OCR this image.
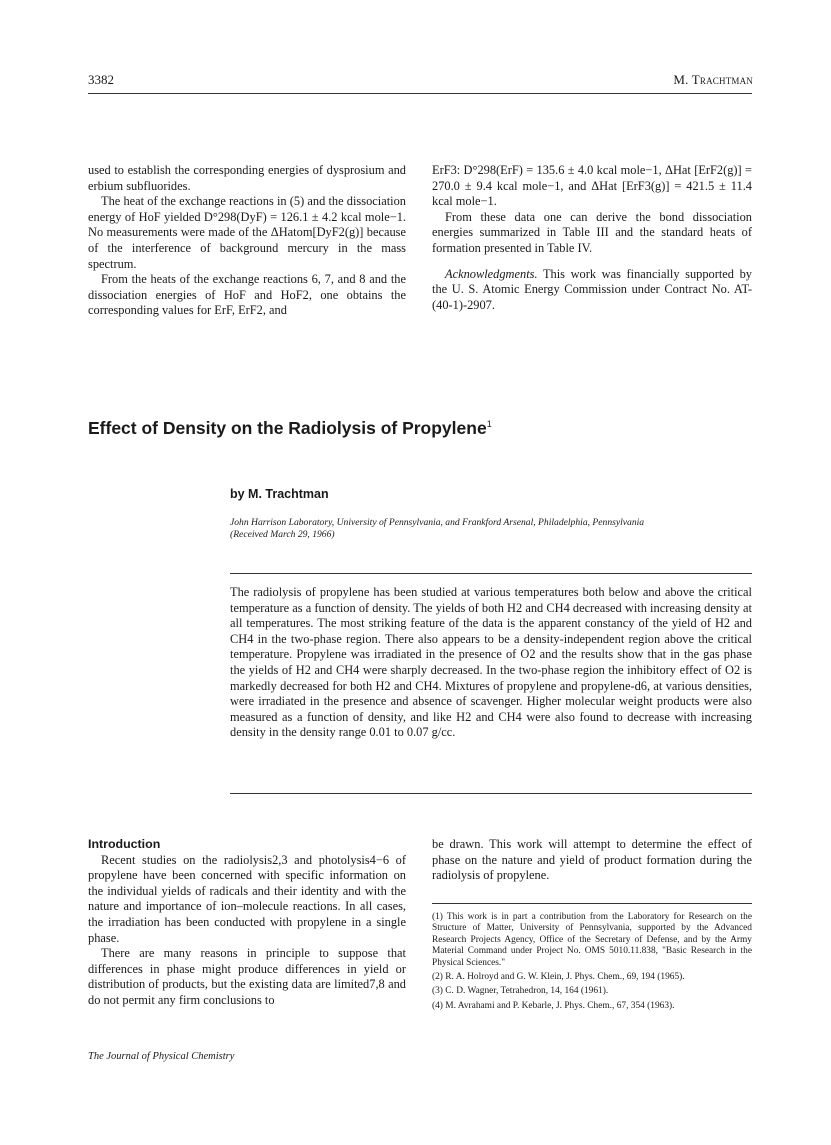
3382	M. Trachtman

used to establish the corresponding energies of dysprosium and erbium subfluorides.

The heat of the exchange reactions in (5) and the dissociation energy of HoF yielded D°298(DyF) = 126.1 ± 4.2 kcal mole−1. No measurements were made of the ΔHatom[DyF2(g)] because of the interference of background mercury in the mass spectrum.

From the heats of the exchange reactions 6, 7, and 8 and the dissociation energies of HoF and HoF2, one obtains the corresponding values for ErF, ErF2, and

ErF3: D°298(ErF) = 135.6 ± 4.0 kcal mole−1, ΔHat [ErF2(g)] = 270.0 ± 9.4 kcal mole−1, and ΔHat [ErF3(g)] = 421.5 ± 11.4 kcal mole−1.

From these data one can derive the bond dissociation energies summarized in Table III and the standard heats of formation presented in Table IV.

Acknowledgments. This work was financially supported by the U. S. Atomic Energy Commission under Contract No. AT-(40-1)-2907.

Effect of Density on the Radiolysis of Propylene$^1$
by M. Trachtman
John Harrison Laboratory, University of Pennsylvania, and Frankford Arsenal, Philadelphia, Pennsylvania
(Received March 29, 1966)

The radiolysis of propylene has been studied at various temperatures both below and above the critical temperature as a function of density. The yields of both H2 and CH4 decreased with increasing density at all temperatures. The most striking feature of the data is the apparent constancy of the yield of H2 and CH4 in the two-phase region. There also appears to be a density-independent region above the critical temperature. Propylene was irradiated in the presence of O2 and the results show that in the gas phase the yields of H2 and CH4 were sharply decreased. In the two-phase region the inhibitory effect of O2 is markedly decreased for both H2 and CH4. Mixtures of propylene and propylene-d6, at various densities, were irradiated in the presence and absence of scavenger. Higher molecular weight products were also measured as a function of density, and like H2 and CH4 were also found to decrease with increasing density in the density range 0.01 to 0.07 g/cc.

Introduction

Recent studies on the radiolysis2,3 and photolysis4−6 of propylene have been concerned with specific information on the individual yields of radicals and their identity and with the nature and importance of ion–molecule reactions. In all cases, the irradiation has been conducted with propylene in a single phase.

There are many reasons in principle to suppose that differences in phase might produce differences in yield or distribution of products, but the existing data are limited7,8 and do not permit any firm conclusions to

be drawn. This work will attempt to determine the effect of phase on the nature and yield of product formation during the radiolysis of propylene.

(1) This work is in part a contribution from the Laboratory for Research on the Structure of Matter, University of Pennsylvania, supported by the Advanced Research Projects Agency, Office of the Secretary of Defense, and by the Army Material Command under Project No. OMS 5010.11.838, "Basic Research in the Physical Sciences."

(2) R. A. Holroyd and G. W. Klein, J. Phys. Chem., 69, 194 (1965).

(3) C. D. Wagner, Tetrahedron, 14, 164 (1961).

(4) M. Avrahami and P. Kebarle, J. Phys. Chem., 67, 354 (1963).

The Journal of Physical Chemistry
